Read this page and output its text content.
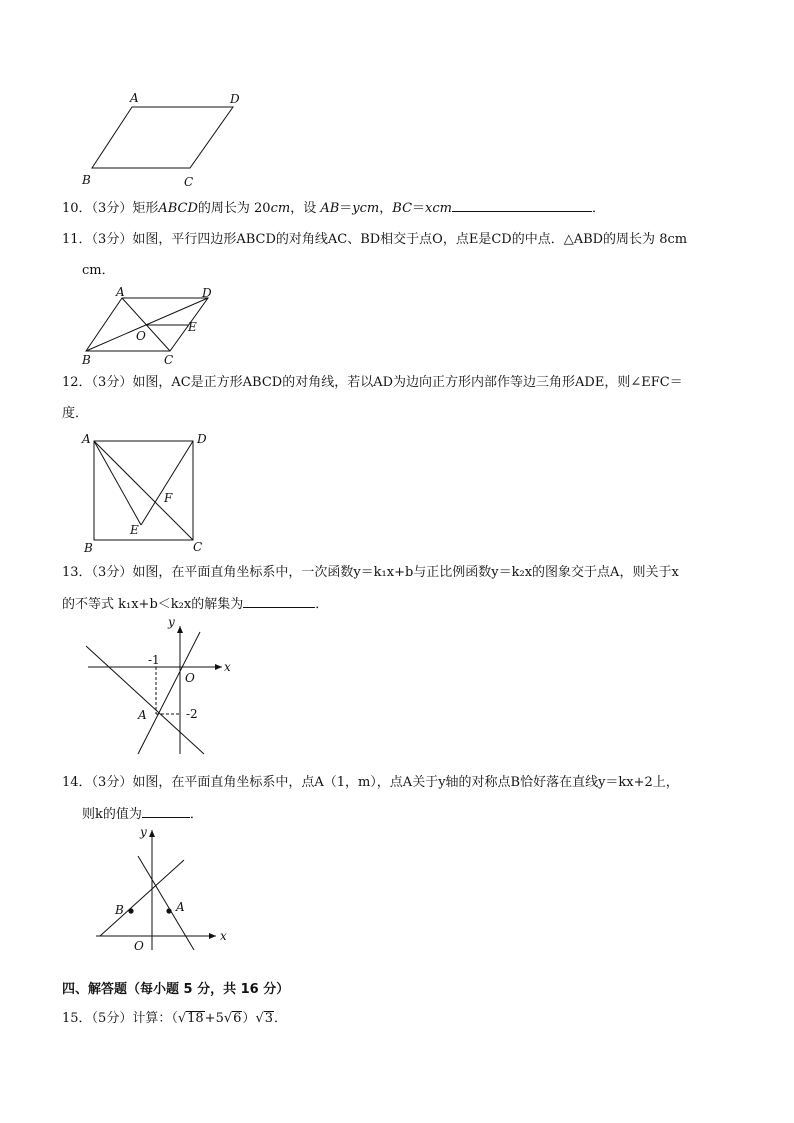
A	D
B	C
10．（3分）矩形ABCD的周长为 20cm，设 AB＝ycm，BC＝xcm	．
11．（3分）如图，平行四边形ABCD的对角线AC、BD相交于点O，点E是CD的中点．△ABD的周长为 8cm
cm．
A	D
B	C
O
E
12．（3分）如图，AC是正方形ABCD的对角线，若以AD为边向正方形内部作等边三角形ADE，则∠EFC＝
度．
A	D
B	C
E
F
13．（3分）如图，在平面直角坐标系中，一次函数y＝k₁x+b与正比例函数y＝k₂x的图象交于点A，则关于x
的不等式 k₁x+b＜k₂x的解集为	．
y
x
O
A
-1
-2
14．（3分）如图，在平面直角坐标系中，点A（1，m），点A关于y轴的对称点B恰好落在直线y＝kx+2上，
则k的值为	．
y
x
O
B	A
四、解答题（每小题 5 分，共 16 分）
15．（5分）计算：（√18+5√6）√3．
